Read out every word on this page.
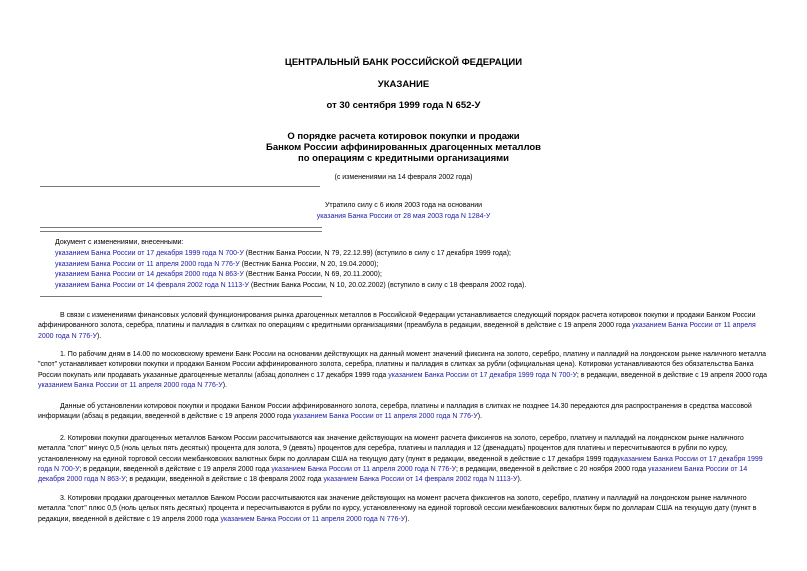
ЦЕНТРАЛЬНЫЙ БАНК РОССИЙСКОЙ ФЕДЕРАЦИИ
УКАЗАНИЕ
от 30 сентября 1999 года N 652-У
О порядке расчета котировок покупки и продажи
Банком России аффинированных драгоценных металлов
по операциям с кредитными организациями
(с изменениями на 14 февраля 2002 года)
Утратило силу с 6 июля 2003 года на основании
указания Банка России от 28 мая 2003 года N 1284-У
Документ с изменениями, внесенными:
указанием Банка России от 17 декабря 1999 года N 700-У (Вестник Банка России, N 79, 22.12.99) (вступило в силу с 17 декабря 1999 года);
указанием Банка России от 11 апреля 2000 года N 776-У (Вестник Банка России, N 20, 19.04.2000);
указанием Банка России от 14 декабря 2000 года N 863-У (Вестник Банка России, N 69, 20.11.2000);
указанием Банка России от 14 февраля 2002 года N 1113-У (Вестник Банка России, N 10, 20.02.2002) (вступило в силу с 18 февраля 2002 года).
В связи с изменениями финансовых условий функционирования рынка драгоценных металлов в Российской Федерации устанавливается следующий порядок расчета котировок покупки и продажи Банком России аффинированного золота, серебра, платины и палладия в слитках по операциям с кредитными организациями (преамбула в редакции, введенной в действие с 19 апреля 2000 года указанием Банка России от 11 апреля 2000 года N 776-У).
1. По рабочим дням в 14.00 по московскому времени Банк России на основании действующих на данный момент значений фиксинга на золото, серебро, платину и палладий на лондонском рынке наличного металла "спот" устанавливает котировки покупки и продажи Банком России аффинированного золота, серебра, платины и палладия в слитках за рубли (официальная цена). Котировки устанавливаются без обязательства Банка России покупать или продавать указанные драгоценные металлы (абзац дополнен с 17 декабря 1999 года указанием Банка России от 17 декабря 1999 года N 700-У; в редакции, введенной в действие с 19 апреля 2000 года указанием Банка России от 11 апреля 2000 года N 776-У).
Данные об установлении котировок покупки и продажи Банком России аффинированного золота, серебра, платины и палладия в слитках не позднее 14.30 передаются для распространения в средства массовой информации (абзац в редакции, введенной в действие с 19 апреля 2000 года указанием Банка России от 11 апреля 2000 года N 776-У).
2. Котировки покупки драгоценных металлов Банком России рассчитываются как значение действующих на момент расчета фиксингов на золото, серебро, платину и палладий на лондонском рынке наличного металла "спот" минус 0,5 (ноль целых пять десятых) процента для золота, 9 (девять) процентов для серебра, платины и палладия и 12 (двенадцать) процентов для платины и пересчитываются в рубли по курсу, установленному на единой торговой сессии межбанковских валютных бирж по долларам США на текущую дату (пункт в редакции, введенной в действие с 17 декабря 1999 годауказанием Банка России от 17 декабря 1999 года N 700-У; в редакции, введенной в действие с 19 апреля 2000 года указанием Банка России от 11 апреля 2000 года N 776-У; в редакции, введенной в действие с 20 ноября 2000 года указанием Банка России от 14 декабря 2000 года N 863-У; в редакции, введенной в действие с 18 февраля 2002 года указанием Банка России от 14 февраля 2002 года N 1113-У).
3. Котировки продажи драгоценных металлов Банком России рассчитываются как значение действующих на момент расчета фиксингов на золото, серебро, платину и палладий на лондонском рынке наличного металла "спот" плюс 0,5 (ноль целых пять десятых) процента и пересчитываются в рубли по курсу, установленному на единой торговой сессии межбанковских валютных бирж по долларам США на текущую дату (пункт в редакции, введенной в действие с 19 апреля 2000 года указанием Банка России от 11 апреля 2000 года N 776-У).
